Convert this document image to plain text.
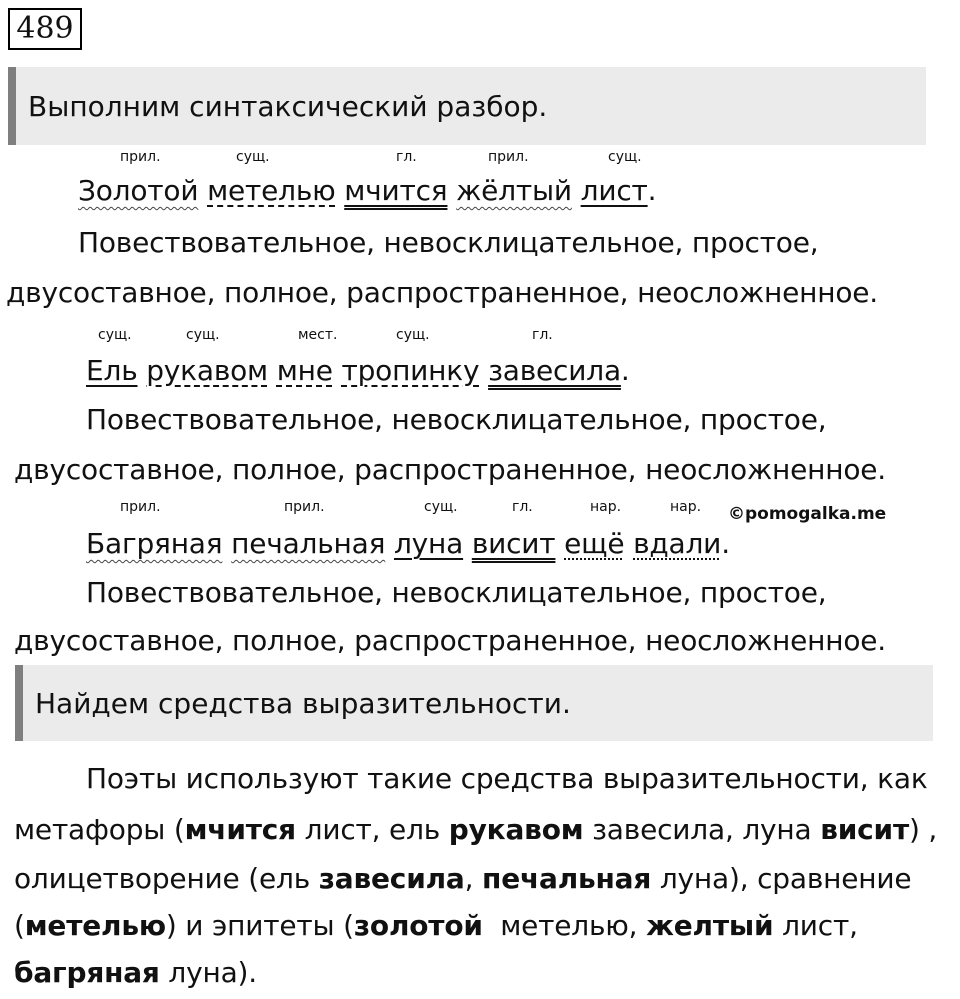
489
Выполним синтаксический разбор.
прил.	сущ.	гл.	прил.	сущ.
Золотой метелью мчится жёлтый лист.
Повествовательное, невосклицательное, простое,
двусоставное, полное, распространенное, неосложненное.
сущ.	сущ.	мест.	сущ.	гл.
Ель рукавом мне тропинку завесила.
Повествовательное, невосклицательное, простое,
двусоставное, полное, распространенное, неосложненное.
прил.	прил.	сущ.	гл.	нар.	нар. ©pomogalka.me
Багряная печальная луна висит ещё вдали.
Повествовательное, невосклицательное, простое,
двусоставное, полное, распространенное, неосложненное.
Найдем средства выразительности.
Поэты используют такие средства выразительности, как
метафоры (мчится лист, ель рукавом завесила, луна висит) ,
олицетворение (ель завесила, печальная луна), сравнение
(метелью) и эпитеты (золотой  метелью, желтый лист,
багряная луна).
